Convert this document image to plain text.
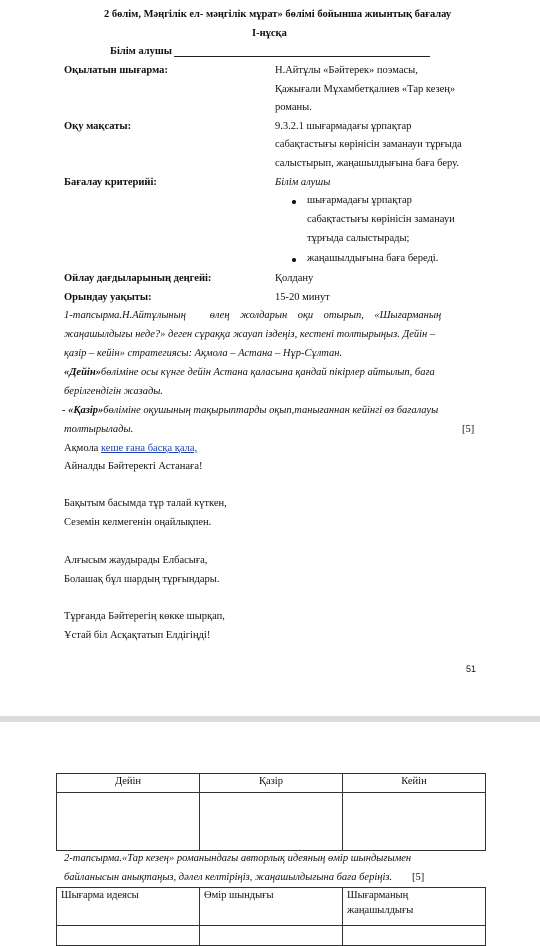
2 бөлім, Мәңгілік ел- мәңгілік мұрат» бөлімі бойынша жиынтық бағалау
І-нұсқа
Білім алушы
Оқылатын шығарма:	Н.Айтұлы «Бәйтерек» поэмасы,
Қажығали Мұхамбетқалиев «Тар кезең»
романы.
Оқу мақсаты:	9.3.2.1 шығармадағы ұрпақтар
сабақтастығы көрінісін заманауи тұрғыда
салыстырып, жаңашылдығына баға беру.
Бағалау критерийі:	Білім алушы
шығармадағы ұрпақтар
сабақтастығы көрінісін заманауи
тұрғыда салыстырады;
жаңашылдығына баға береді.
Ойлау дағдыларының деңгейі:	Қолдану
Орындау уақыты:	15-20 минут
1-тапсырма.Н.Айтұлының         өлең    жолдарын    оқи    отырып,    «Шығарманың
жаңашылдығы неде?» деген сұраққа жауап іздеңіз, кестені толтырыңыз. Дейін –
қазір – кейін» стратегиясы: Ақмола – Астана – Нұр-Сұлтан.
«Дейін»бөліміне осы күнге дейін Астана қаласына қандай пікірлер айтылып, баға
берілгендігін жазады.
- «Қазір»бөліміне оқушының тақырыптарды оқып,танығаннан кейінгі өз бағалауы
толтырылады.	[5]
Ақмола кеше ғана басқа қала,
Айналды Бәйтеректі Астанаға!
Бақытым басымда тұр талай күткен,
Сеземін келмегенін оңайлықпен.
Алғысым жаудырады Елбасыға,
Болашақ бұл шардың тұрғындары.
Тұрғанда Бәйтерегің көкке шырқап,
Ұстай біл Асқақтатып Елдігіңді!
51
Дейін	Қазір	Кейін

2-тапсырма.«Тар кезең» романындағы авторлық идеяның өмір шындығымен
байланысын анықтаңыз, дәлел келтіріңіз, жаңашылдығына баға беріңіз. [5]
Шығарма идеясы	Өмір шындығы	Шығарманың
жаңашылдығы
